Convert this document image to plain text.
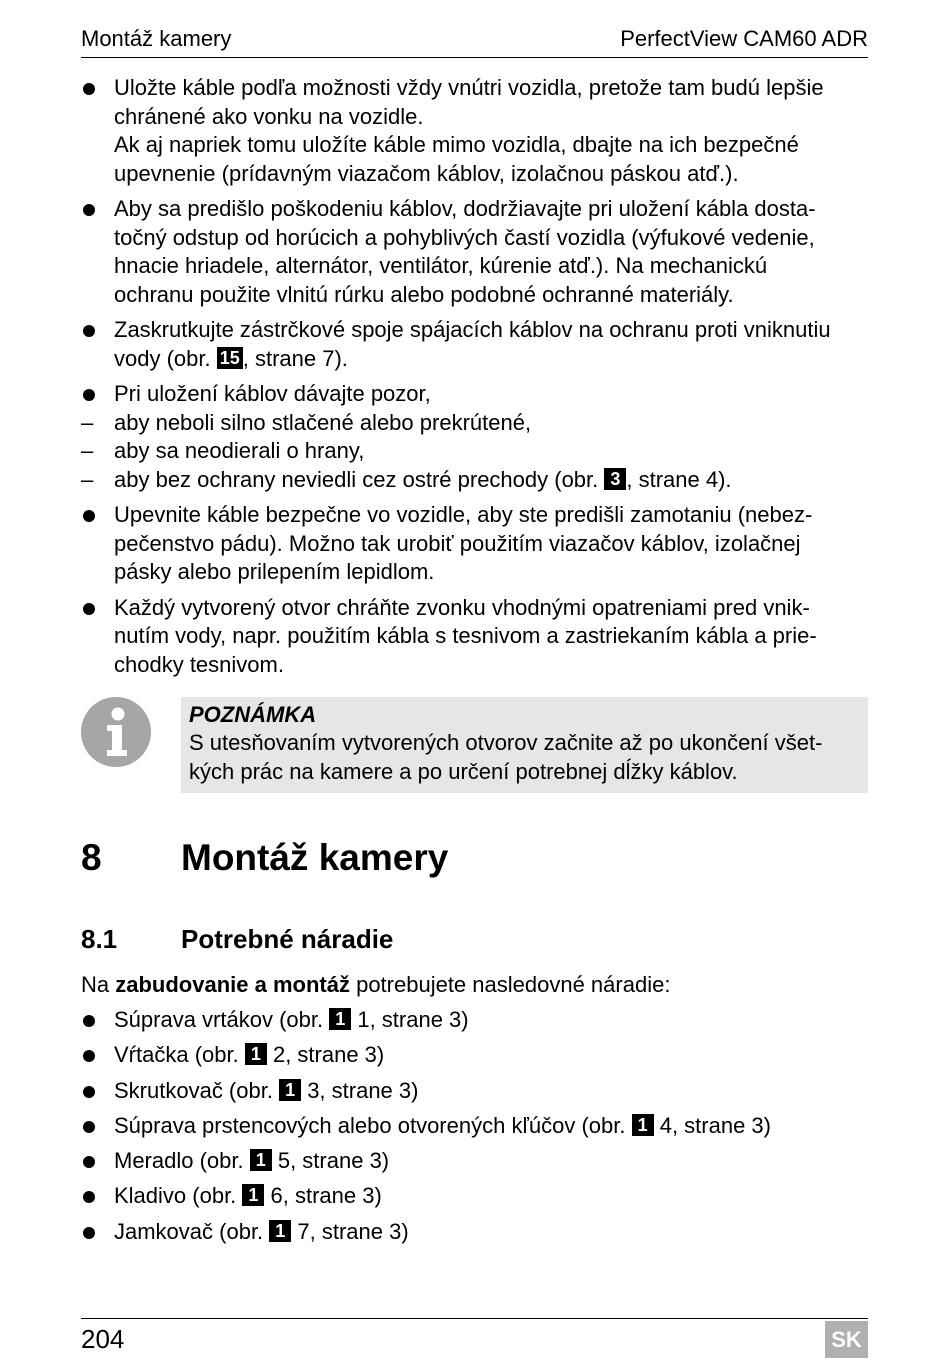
Montáž kamery	PerfectView CAM60 ADR
Uložte káble podľa možnosti vždy vnútri vozidla, pretože tam budú lepšie
chránené ako vonku na vozidle.
Ak aj napriek tomu uložíte káble mimo vozidla, dbajte na ich bezpečné
upevnenie (prídavným viazačom káblov, izolačnou páskou atď.).
Aby sa predišlo poškodeniu káblov, dodržiavajte pri uložení kábla dosta-
točný odstup od horúcich a pohyblivých častí vozidla (výfukové vedenie,
hnacie hriadele, alternátor, ventilátor, kúrenie atď.). Na mechanickú
ochranu použite vlnitú rúrku alebo podobné ochranné materiály.
Zaskrutkujte zástrčkové spoje spájacích káblov na ochranu proti vniknutiu
vody (obr. 15 , strane 7).
Pri uložení káblov dávajte pozor,
– aby neboli silno stlačené alebo prekrútené,
– aby sa neodierali o hrany,
– aby bez ochrany neviedli cez ostré prechody (obr. 3 , strane 4).
Upevnite káble bezpečne vo vozidle, aby ste predišli zamotaniu (nebez-
pečenstvo pádu). Možno tak urobiť použitím viazačov káblov, izolačnej
pásky alebo prilepením lepidlom.
Každý vytvorený otvor chráňte zvonku vhodnými opatreniami pred vnik-
nutím vody, napr. použitím kábla s tesnivom a zastriekaním kábla a prie-
chodky tesnivom.
POZNÁMKA
S utesňovaním vytvorených otvorov začnite až po ukončení všet-
kých prác na kamere a po určení potrebnej dĺžky káblov.
8 Montáž kamery
8.1 Potrebné náradie
Na zabudovanie a montáž potrebujete nasledovné náradie:
Súprava vrtákov (obr. 1 1, strane 3)
Vŕtačka (obr. 1 2, strane 3)
Skrutkovač (obr. 1 3, strane 3)
Súprava prstencových alebo otvorených kľúčov (obr. 1 4, strane 3)
Meradlo (obr. 1 5, strane 3)
Kladivo (obr. 1 6, strane 3)
Jamkovač (obr. 1 7, strane 3)
204	SK
